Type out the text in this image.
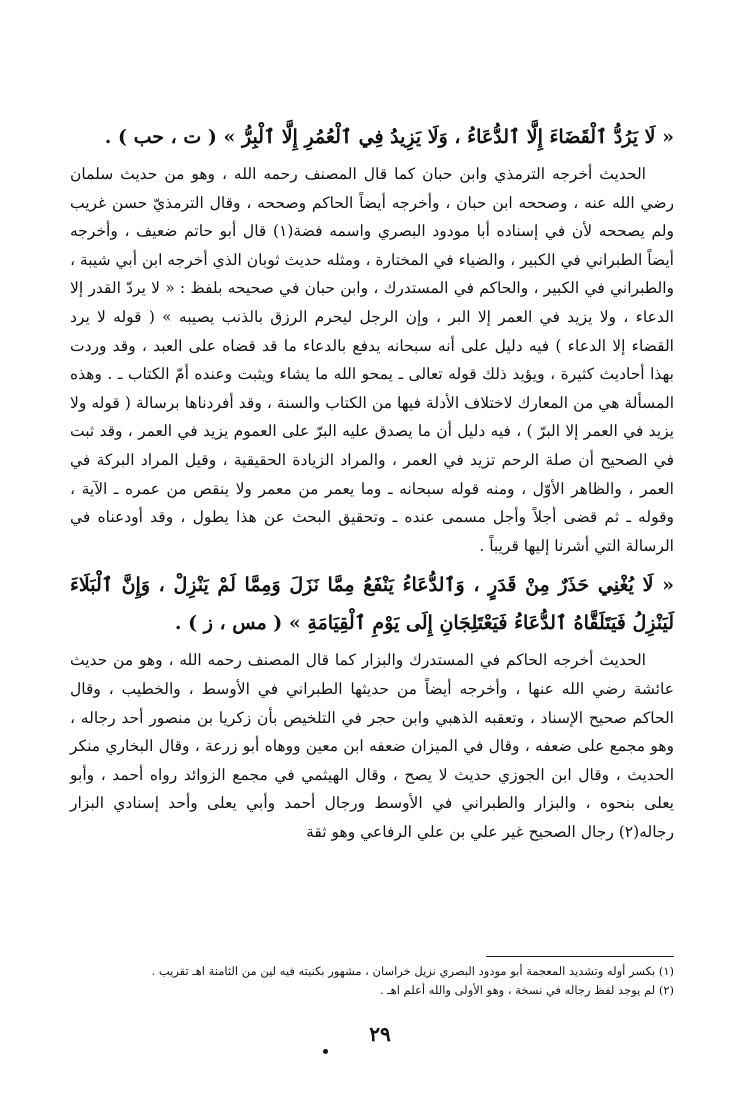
« لَا يَرُدُّ ٱلْقَضَاءَ إِلَّا ٱلدُّعَاءُ ، وَلَا يَزِيدُ فِي ٱلْعُمُرِ إِلَّا ٱلْبِرُّ » ( ت ، حب ) .

الحديث أخرجه الترمذي وابن حبان كما قال المصنف رحمه الله ، وهو من حديث سلمان رضي الله عنه ، وصححه ابن حبان ، وأخرجه أيضاً الحاكم وصححه ، وقال الترمذيّ حسن غريب ولم يصححه لأن في إسناده أبا مودود البصري واسمه فضة(١) قال أبو حاتم ضعيف ، وأخرجه أيضاً الطبراني في الكبير ، والضياء في المختارة ، ومثله حديث ثوبان الذي أخرجه ابن أبي شيبة ، والطبراني في الكبير ، والحاكم في المستدرك ، وابن حبان في صحيحه بلفظ : « لا يردّ القدر إلا الدعاء ، ولا يزيد في العمر إلا البر ، وإن الرجل ليحرم الرزق بالذنب يصيبه » ( قوله لا يرد القضاء إلا الدعاء ) فيه دليل على أنه سبحانه يدفع بالدعاء ما قد قضاه على العبد ، وقد وردت بهذا أحاديث كثيرة ، ويؤيد ذلك قوله تعالى ـ يمحو الله ما يشاء ويثبت وعنده أمّ الكتاب ـ . وهذه المسألة هي من المعارك لاختلاف الأدلة فيها من الكتاب والسنة ، وقد أفردناها برسالة ( قوله ولا يزيد في العمر إلا البرّ ) ، فيه دليل أن ما يصدق عليه البرّ على العموم يزيد في العمر ، وقد ثبت في الصحيح أن صلة الرحم تزيد في العمر ، والمراد الزيادة الحقيقية ، وقيل المراد البركة في العمر ، والظاهر الأوّل ، ومنه قوله سبحانه ـ وما يعمر من معمر ولا ينقص من عمره ـ الآية ، وقوله ـ ثم قضى أجلاً وأجل مسمى عنده ـ وتحقيق البحث عن هذا يطول ، وقد أودعناه في الرسالة التي أشرنا إليها قريباً .

« لَا يُغْنِي حَذَرٌ مِنْ قَدَرٍ ، وَٱلدُّعَاءُ يَنْفَعُ مِمَّا نَزَلَ وَمِمَّا لَمْ يَنْزِلْ ، وَإِنَّ ٱلْبَلَاءَ لَيَنْزِلُ فَيَتَلَقَّاهُ ٱلدُّعَاءُ فَيَعْتَلِجَانِ إِلَى يَوْمِ ٱلْقِيَامَةِ » ( مس ، ز ) .

الحديث أخرجه الحاكم في المستدرك والبزار كما قال المصنف رحمه الله ، وهو من حديث عائشة رضي الله عنها ، وأخرجه أيضاً من حديثها الطبراني في الأوسط ، والخطيب ، وقال الحاكم صحيح الإسناد ، وتعقبه الذهبي وابن حجر في التلخيص بأن زكريا بن منصور أحد رجاله ، وهو مجمع على ضعفه ، وقال في الميزان ضعفه ابن معين ووهاه أبو زرعة ، وقال البخاري منكر الحديث ، وقال ابن الجوزي حديث لا يصح ، وقال الهيثمي في مجمع الزوائد رواه أحمد ، وأبو يعلى بنحوه ، والبزار والطبراني في الأوسط ورجال أحمد وأبي يعلى وأحد إسنادي البزار رجاله(٢) رجال الصحيح غير علي بن علي الرفاعي وهو ثقة

(١) بكسر أوله وتشديد المعجمة أبو مودود البصري نزيل خراسان ، مشهور بكنيته فيه لين من الثامنة اهـ تقريب .

(٢) لم يوجد لفظ رجاله في نسخة ، وهو الأولى والله أعلم اهـ .

٢٩
